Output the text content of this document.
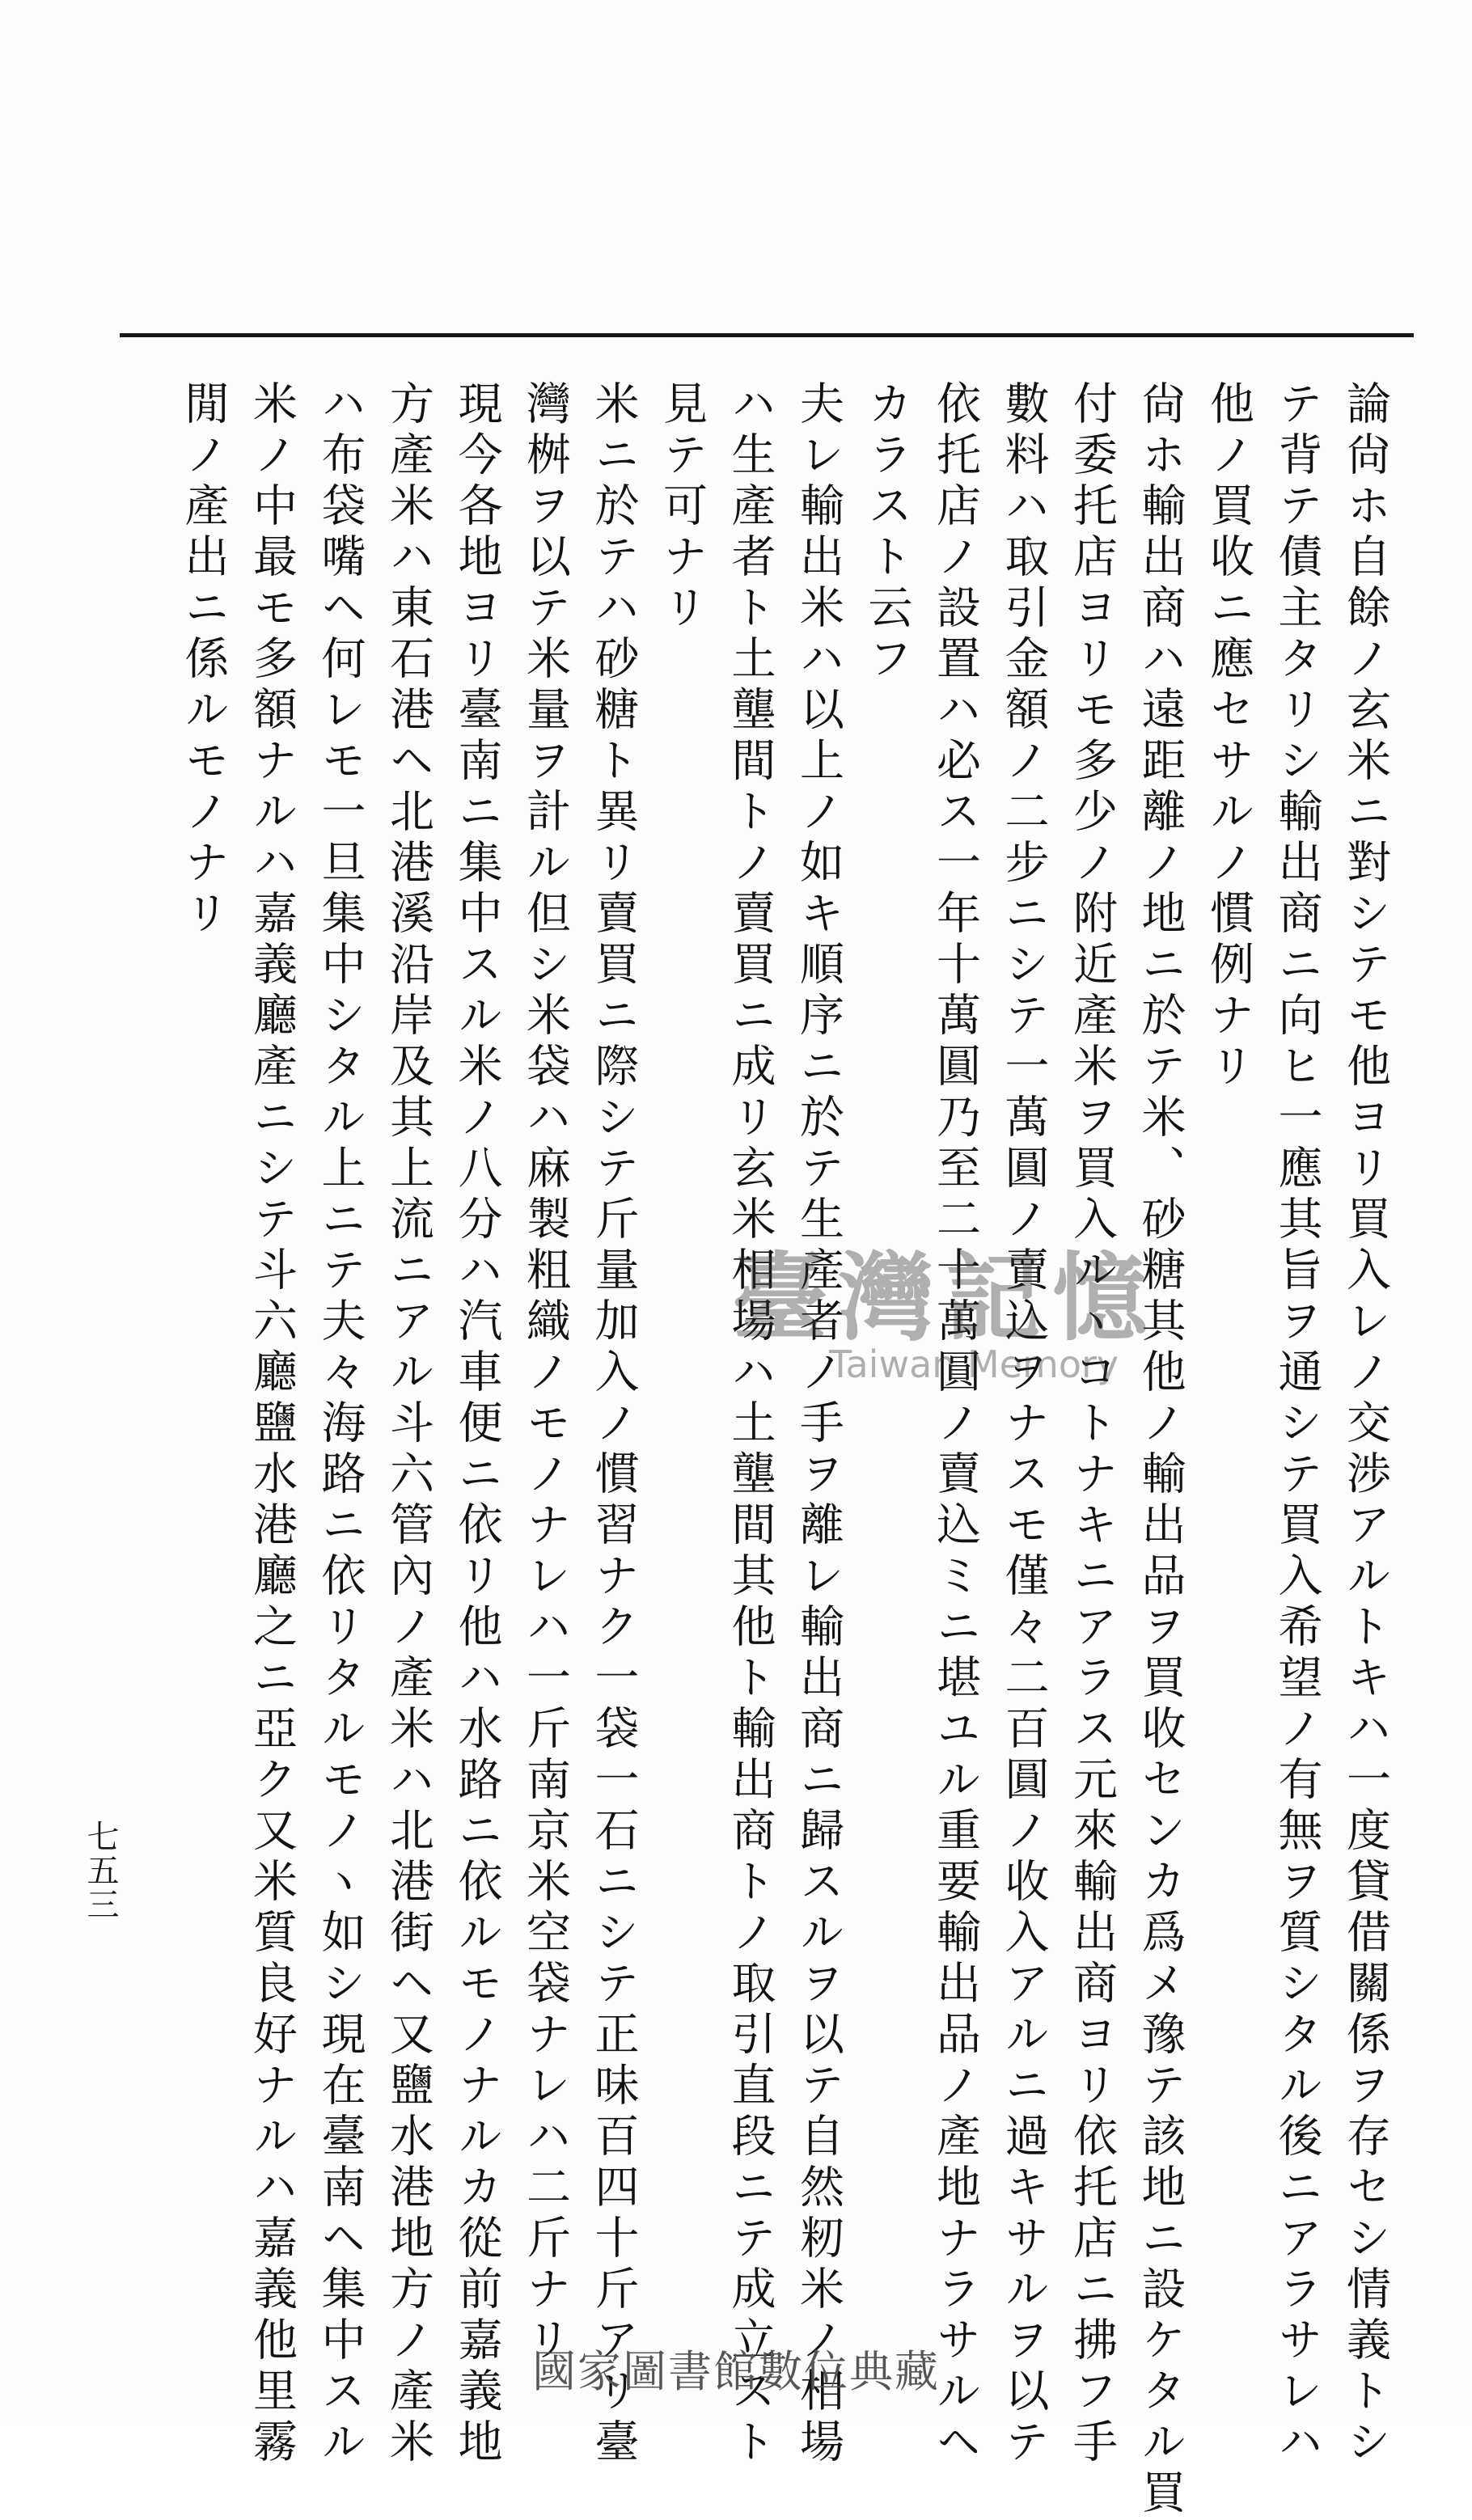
論尙ホ自餘ノ玄米ニ對シテモ他ヨリ買入レノ交渉アルトキハ一度貸借關係ヲ存セシ情義トシ
テ背テ債主タリシ輸出商ニ向ヒ一應其旨ヲ通シテ買入希望ノ有無ヲ質シタル後ニアラサレハ
他ノ買收ニ應セサルノ慣例ナリ
尙ホ輸出商ハ遠距離ノ地ニ於テ米、砂糖其他ノ輸出品ヲ買收センカ爲メ豫テ該地ニ設ケタル買
付委托店ヨリモ多少ノ附近產米ヲ買入ルヽコトナキニアラス元來輸出商ヨリ依托店ニ拂フ手
數料ハ取引金額ノ二步ニシテ一萬圓ノ賣込ヲナスモ僅々二百圓ノ收入アルニ過キサルヲ以テ
依托店ノ設置ハ必ス一年十萬圓乃至二十萬圓ノ賣込ミニ堪ユル重要輸出品ノ產地ナラサルヘ
カラスト云フ
夫レ輸出米ハ以上ノ如キ順序ニ於テ生產者ノ手ヲ離レ輸出商ニ歸スルヲ以テ自然籾米ノ相場
ハ生產者ト土壟間トノ賣買ニ成リ玄米相場ハ土壟間其他ト輸出商トノ取引直段ニテ成立スト
見テ可ナリ
米ニ於テハ砂糖ト異リ賣買ニ際シテ斤量加入ノ慣習ナク一袋一石ニシテ正味百四十斤アリ臺
灣桝ヲ以テ米量ヲ計ル但シ米袋ハ麻製粗織ノモノナレハ一斤南京米空袋ナレハ二斤ナリ
現今各地ヨリ臺南ニ集中スル米ノ八分ハ汽車便ニ依リ他ハ水路ニ依ルモノナルカ從前嘉義地
方產米ハ東石港ヘ北港溪沿岸及其上流ニアル斗六管內ノ產米ハ北港街ヘ又鹽水港地方ノ產米
ハ布袋嘴ヘ何レモ一旦集中シタル上ニテ夫々海路ニ依リタルモノヽ如シ現在臺南ヘ集中スル
米ノ中最モ多額ナルハ嘉義廳產ニシテ斗六廳鹽水港廳之ニ亞ク又米質良好ナルハ嘉義他里霧
閒ノ產出ニ係ルモノナリ
七五三
臺灣記憶
Taiwan Memory
國家圖書館數位典藏
